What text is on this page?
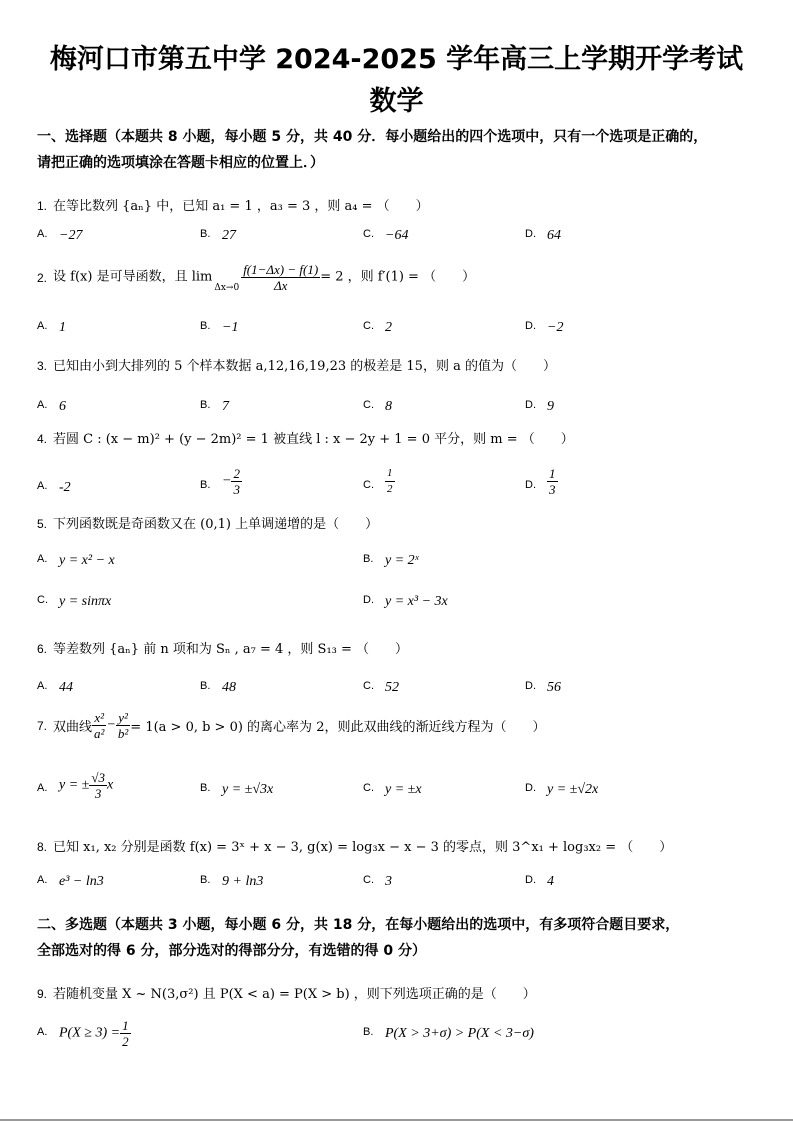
梅河口市第五中学 2024-2025 学年高三上学期开学考试
数学
一、选择题（本题共 8 小题，每小题 5 分，共 40 分．每小题给出的四个选项中，只有一个选项是正确的，
请把正确的选项填涂在答题卡相应的位置上．）
1. 在等比数列 {aₙ} 中，已知 a₁ = 1 ，a₃ = 3 ，则 a₄ = （　　）
A. −27	B. 27	C. −64	D. 64
2. 设 f(x) 是可导函数，且 $\lim\Delta x\to 0 \frac{f(1-\Delta x) - f(1)}{\Delta x} = 2$ ，则 f′(1) = （　　）
A. 1	B. −1	C. 2	D. −2
3. 已知由小到大排列的 5 个样本数据 a,12,16,19,23 的极差是 15，则 a 的值为（　　）
A. 6	B. 7	C. 8	D. 9
4. 若圆 C : (x − m)² + (y − 2m)² = 1 被直线 l : x − 2y + 1 = 0 平分，则 m = （　　）
A. -2	B. − $\frac{2}{3}$	C. $\frac{1}{2}$	D. $\frac{1}{3}$
5. 下列函数既是奇函数又在 (0,1) 上单调递增的是（　　）
A. y = x² − x	B. y = 2ˣ
C. y = sinπx	D. y = x³ − 3x
6. 等差数列 {aₙ} 前 n 项和为 Sₙ , a₇ = 4 ，则 S₁₃ = （　　）
A. 44	B. 48	C. 52	D. 56
7. 双曲线 $\frac{\text{x²}}{\text{a²}} - \frac{\text{y²}}{\text{b²}} = 1(a > 0$, b > 0) 的离心率为 2，则此双曲线的渐近线方程为（　　）
A. y = ± $\frac{√3}{3}$ x	B. y = ±√3x	C. y = ±x	D. y = ±√2x
8. 已知 x₁, x₂ 分别是函数 f(x) = 3ˣ + x − 3, g(x) = log₃x − x − 3 的零点，则 3^x₁ + log₃x₂ = （　　）
A. e³ − ln3	B. 9 + ln3	C. 3	D. 4
二、多选题（本题共 3 小题，每小题 6 分，共 18 分，在每小题给出的选项中，有多项符合题目要求，
全部选对的得 6 分，部分选对的得部分分，有选错的得 0 分）
9. 若随机变量 X ~ N(3,σ²) 且 P(X < a) = P(X > b) ，则下列选项正确的是（　　）
A. $P(X \ge 3) = \frac{1}{2}$	B. P(X > 3+σ) > P(X < 3−σ)
